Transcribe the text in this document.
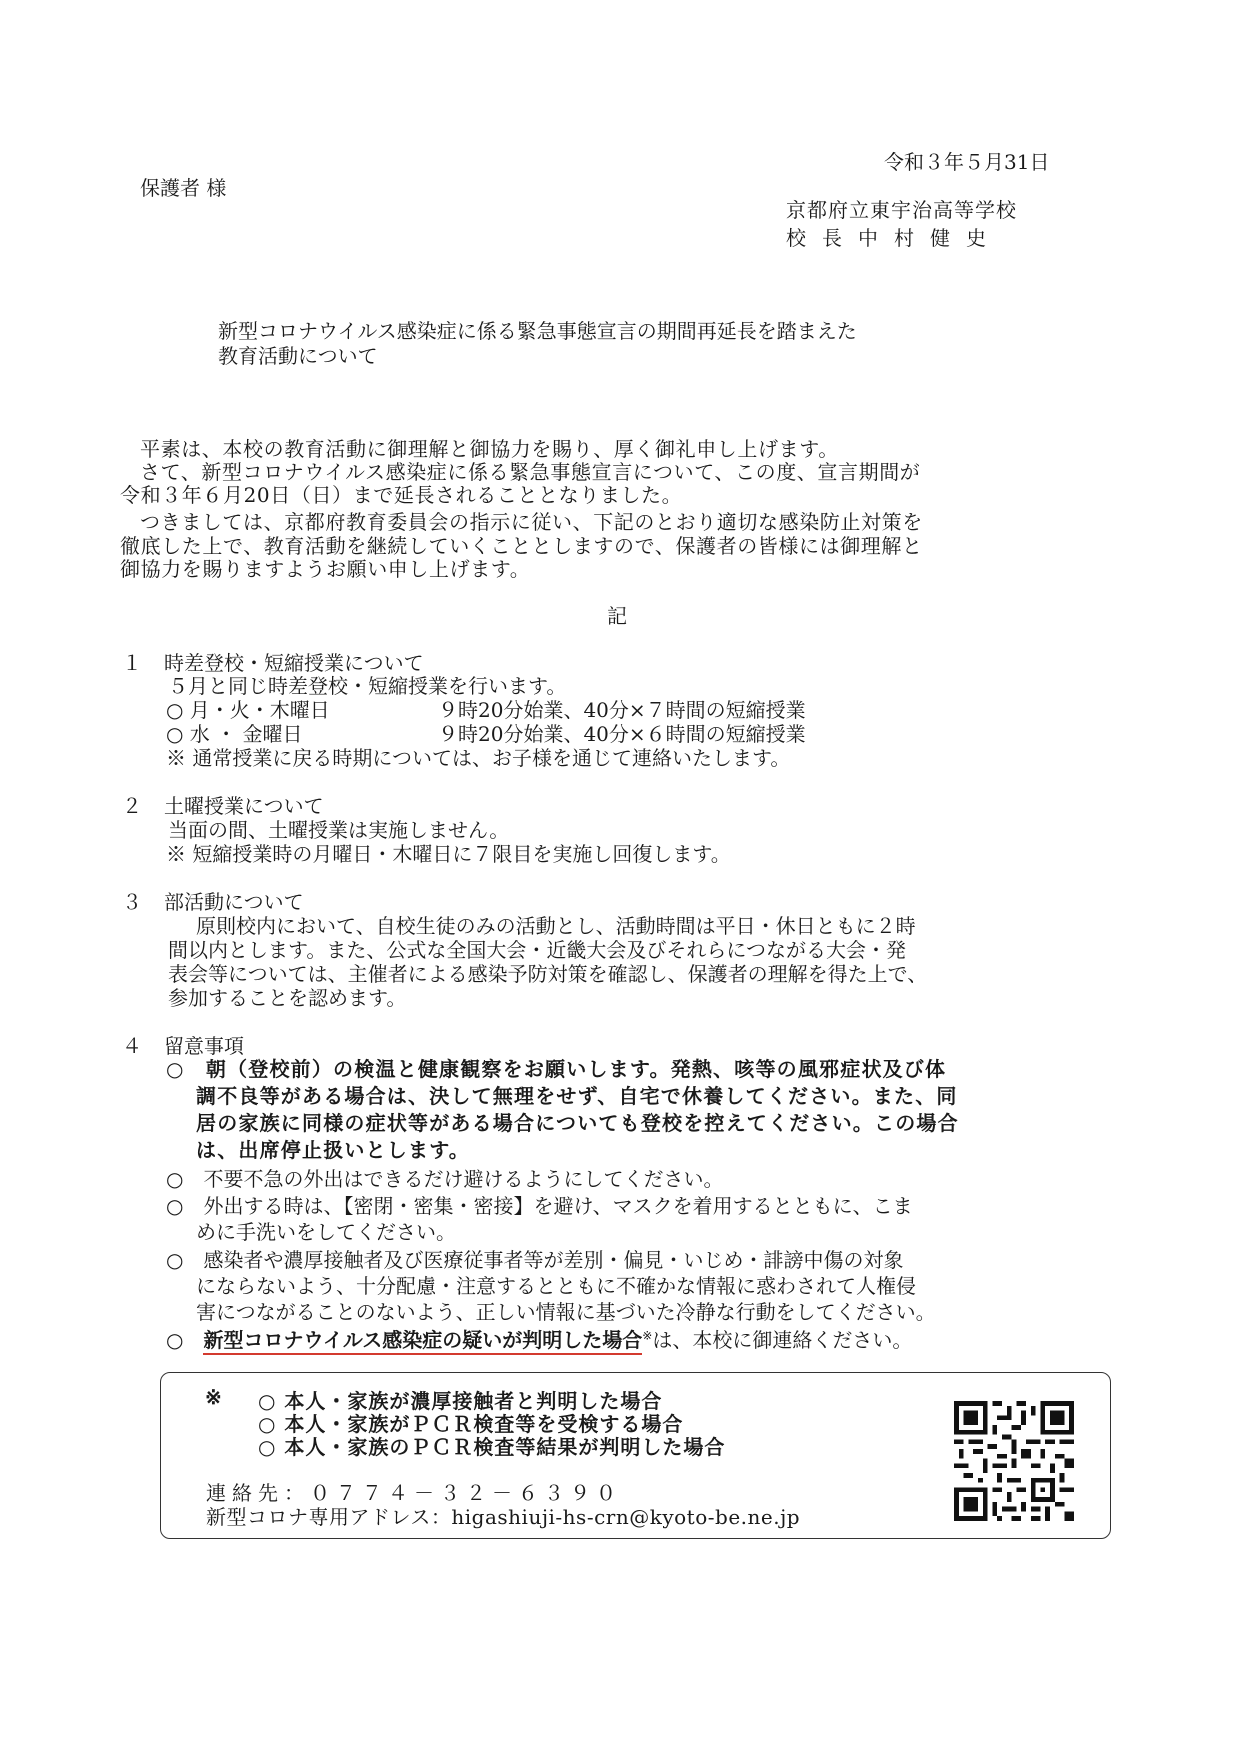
令和３年５月31日
保護者 様
京都府立東宇治高等学校
校長中村健史
新型コロナウイルス感染症に係る緊急事態宣言の期間再延長を踏まえた
教育活動について
平素は、本校の教育活動に御理解と御協力を賜り、厚く御礼申し上げます。
さて、新型コロナウイルス感染症に係る緊急事態宣言について、この度、宣言期間が
令和３年６月20日（日）まで延長されることとなりました。
つきましては、京都府教育委員会の指示に従い、下記のとおり適切な感染防止対策を
徹底した上で、教育活動を継続していくこととしますので、保護者の皆様には御理解と
御協力を賜りますようお願い申し上げます。
記
１ 時差登校・短縮授業について
５月と同じ時差登校・短縮授業を行います。
○ 月・火・木曜日	９時20分始業、40分×７時間の短縮授業
○ 水 ・ 金曜日	９時20分始業、40分×６時間の短縮授業
※ 通常授業に戻る時期については、お子様を通じて連絡いたします。
２ 土曜授業について
当面の間、土曜授業は実施しません。
※ 短縮授業時の月曜日・木曜日に７限目を実施し回復します。
３ 部活動について
原則校内において、自校生徒のみの活動とし、活動時間は平日・休日ともに２時
間以内とします。また、公式な全国大会・近畿大会及びそれらにつながる大会・発
表会等については、主催者による感染予防対策を確認し、保護者の理解を得た上で、
参加することを認めます。
４ 留意事項
○　朝（登校前）の検温と健康観察をお願いします。発熱、咳等の風邪症状及び体
調不良等がある場合は、決して無理をせず、自宅で休養してください。また、同
居の家族に同様の症状等がある場合についても登校を控えてください。この場合
は、出席停止扱いとします。
○　不要不急の外出はできるだけ避けるようにしてください。
○　外出する時は、【密閉・密集・密接】を避け、マスクを着用するとともに、こま
めに手洗いをしてください。
○　感染者や濃厚接触者及び医療従事者等が差別・偏見・いじめ・誹謗中傷の対象
にならないよう、十分配慮・注意するとともに不確かな情報に惑わされて人権侵
害につながることのないよう、正しい情報に基づいた冷静な行動をしてください。
○　新型コロナウイルス感染症の疑いが判明した場合※は、本校に御連絡ください。
※ ○ 本人・家族が濃厚接触者と判明した場合
○ 本人・家族がＰＣＲ検査等を受検する場合
○ 本人・家族のＰＣＲ検査等結果が判明した場合
連絡先：０７７４－３２－６３９０
新型コロナ専用アドレス：higashiuji-hs-crn@kyoto-be.ne.jp
